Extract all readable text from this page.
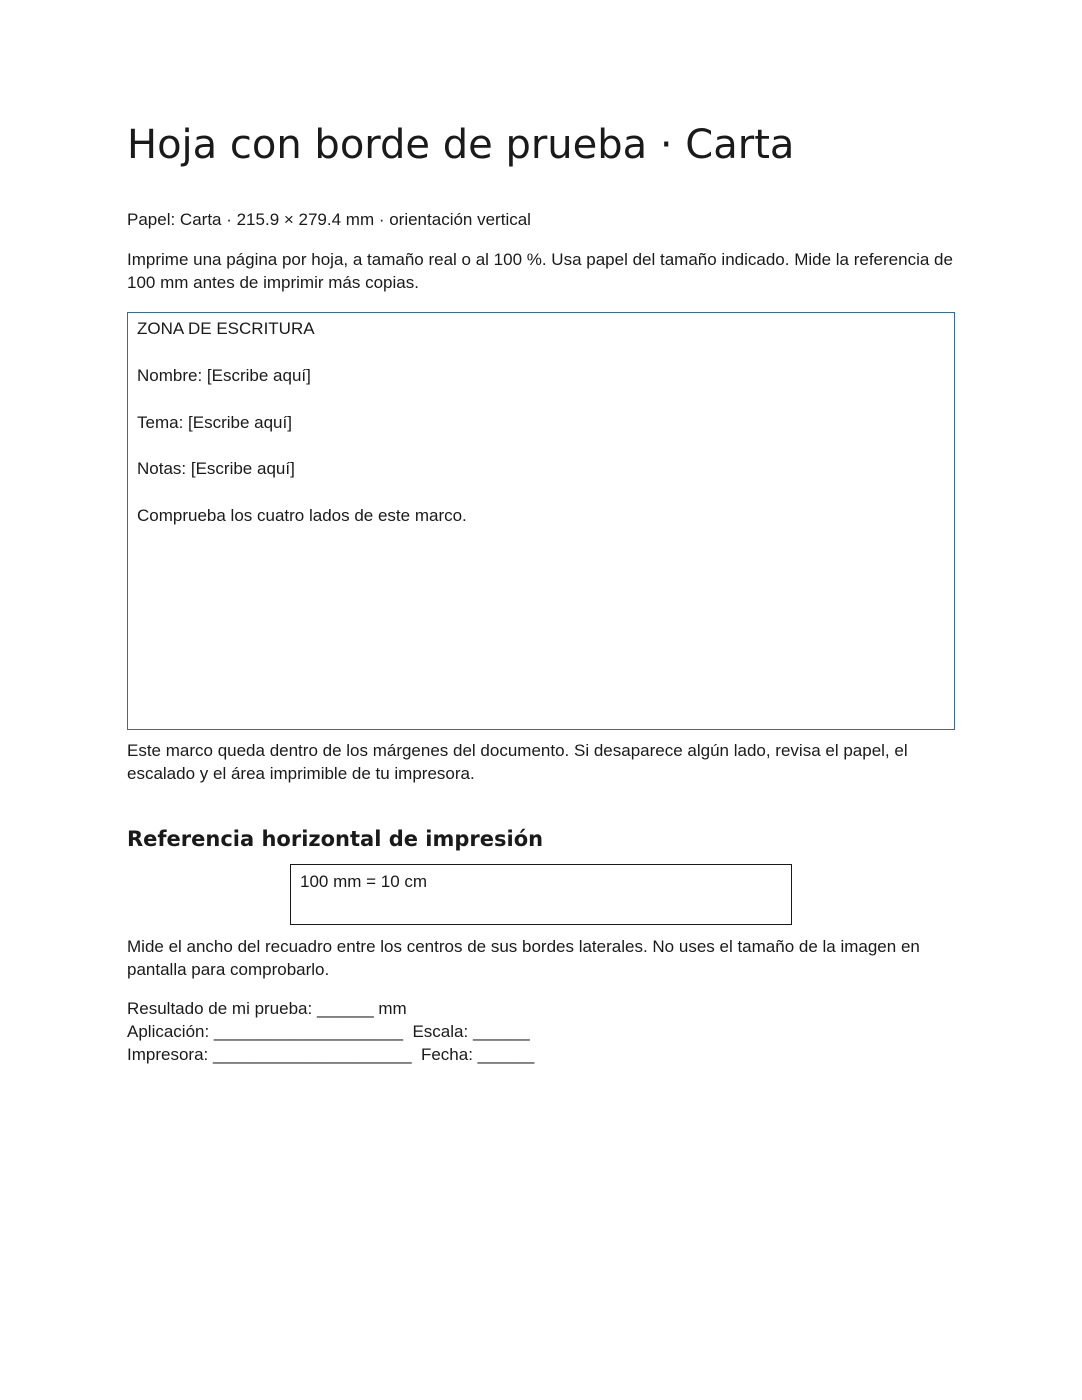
Hoja con borde de prueba · Carta

Papel: Carta · 215.9 × 279.4 mm · orientación vertical

Imprime una página por hoja, a tamaño real o al 100 %. Usa papel del tamaño indicado. Mide la referencia de 100 mm antes de imprimir más copias.

ZONA DE ESCRITURA

Nombre: [Escribe aquí]

Tema: [Escribe aquí]

Notas: [Escribe aquí]

Comprueba los cuatro lados de este marco.

Este marco queda dentro de los márgenes del documento. Si desaparece algún lado, revisa el papel, el escalado y el área imprimible de tu impresora.

Referencia horizontal de impresión
100 mm = 10 cm

Mide el ancho del recuadro entre los centros de sus bordes laterales. No uses el tamaño de la imagen en pantalla para comprobarlo.

Resultado de mi prueba: ______ mm
Aplicación: ____________________  Escala: ______
Impresora: _____________________  Fecha: ______
